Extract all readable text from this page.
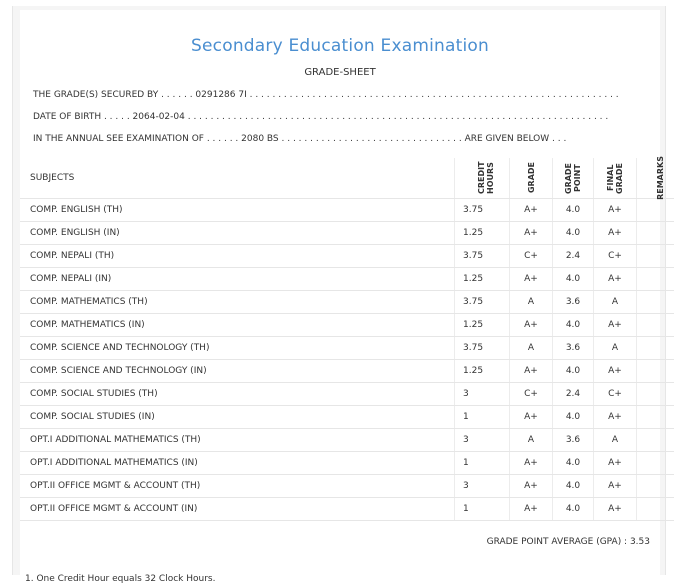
Secondary Education Examination
GRADE-SHEET
THE GRADE(S) SECURED BY . . . . . . 0291286 7I . . . . . . . . . . . . . . . . . . . . . . . . . . . . . . . . . . . . . . . . . . . . . . . . . . . . . . . . . . . . . . . . .
DATE OF BIRTH . . . . . 2064-02-04 . . . . . . . . . . . . . . . . . . . . . . . . . . . . . . . . . . . . . . . . . . . . . . . . . . . . . . . . . . . . . . . . . . . . . . . . . .
IN THE ANNUAL SEE EXAMINATION OF . . . . . . 2080 BS . . . . . . . . . . . . . . . . . . . . . . . . . . . . . . . . ARE GIVEN BELOW . . .
SUBJECTS	CREDIT HOURS	GRADE	GRADE POINT	FINAL GRADE	REMARKS

COMP. ENGLISH (TH)	3.75	A+	4.0	A+	
COMP. ENGLISH (IN)	1.25	A+	4.0	A+	
COMP. NEPALI (TH)	3.75	C+	2.4	C+	
COMP. NEPALI (IN)	1.25	A+	4.0	A+	
COMP. MATHEMATICS (TH)	3.75	A	3.6	A	
COMP. MATHEMATICS (IN)	1.25	A+	4.0	A+	
COMP. SCIENCE AND TECHNOLOGY (TH)	3.75	A	3.6	A	
COMP. SCIENCE AND TECHNOLOGY (IN)	1.25	A+	4.0	A+	
COMP. SOCIAL STUDIES (TH)	3	C+	2.4	C+	
COMP. SOCIAL STUDIES (IN)	1	A+	4.0	A+	
OPT.I ADDITIONAL MATHEMATICS (TH)	3	A	3.6	A	
OPT.I ADDITIONAL MATHEMATICS (IN)	1	A+	4.0	A+	
OPT.II OFFICE MGMT & ACCOUNT (TH)	3	A+	4.0	A+	
OPT.II OFFICE MGMT & ACCOUNT (IN)	1	A+	4.0	A+	
GRADE POINT AVERAGE (GPA) : 3.53
1. One Credit Hour equals 32 Clock Hours.
